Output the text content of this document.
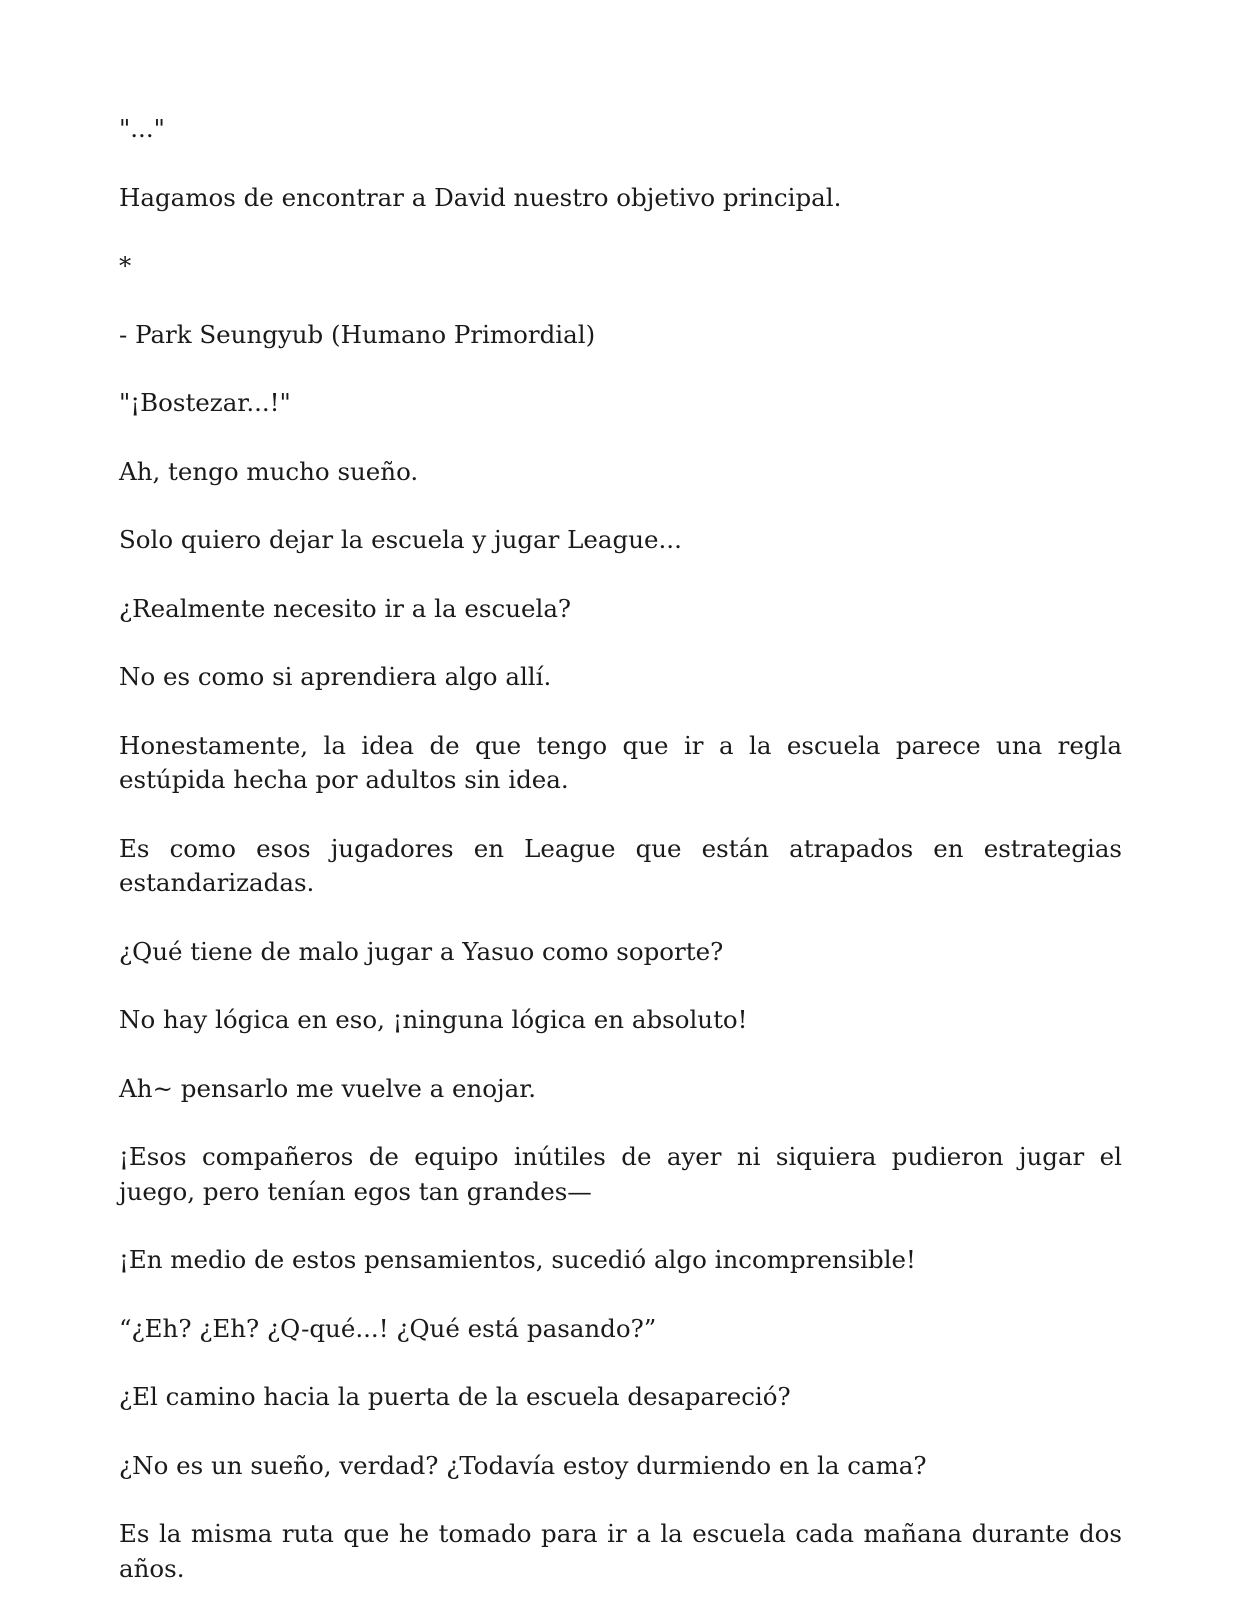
"..."

Hagamos de encontrar a David nuestro objetivo principal.

*

- Park Seungyub (Humano Primordial)

"¡Bostezar...!"

Ah, tengo mucho sueño.

Solo quiero dejar la escuela y jugar League...

¿Realmente necesito ir a la escuela?

No es como si aprendiera algo allí.

Honestamente, la idea de que tengo que ir a la escuela parece una regla estúpida hecha por adultos sin idea.

Es como esos jugadores en League que están atrapados en estrategias estandarizadas.

¿Qué tiene de malo jugar a Yasuo como soporte?

No hay lógica en eso, ¡ninguna lógica en absoluto!

Ah~ pensarlo me vuelve a enojar.

¡Esos compañeros de equipo inútiles de ayer ni siquiera pudieron jugar el juego, pero tenían egos tan grandes—

¡En medio de estos pensamientos, sucedió algo incomprensible!

“¿Eh? ¿Eh? ¿Q-qué...! ¿Qué está pasando?”

¿El camino hacia la puerta de la escuela desapareció?

¿No es un sueño, verdad? ¿Todavía estoy durmiendo en la cama?

Es la misma ruta que he tomado para ir a la escuela cada mañana durante dos años.
